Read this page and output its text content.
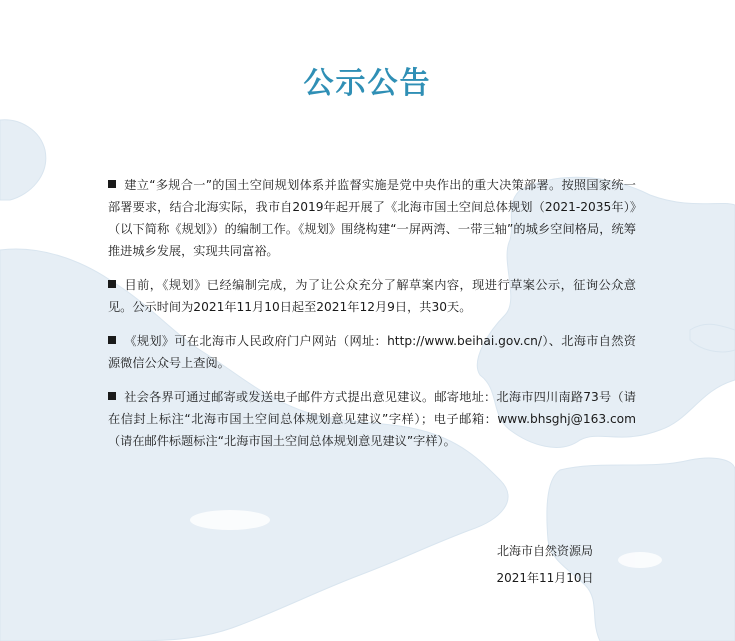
公示公告

建立“多规合一”的国土空间规划体系并监督实施是党中央作出的重大决策部署。按照国家统一部署要求，结合北海实际，我市自2019年起开展了《北海市国土空间总体规划（2021-2035年）》（以下简称《规划》）的编制工作。《规划》围绕构建“一屏两湾、一带三轴”的城乡空间格局，统筹推进城乡发展，实现共同富裕。

目前，《规划》已经编制完成，为了让公众充分了解草案内容，现进行草案公示，征询公众意见。公示时间为2021年11月10日起至2021年12月9日，共30天。

《规划》可在北海市人民政府门户网站（网址：http://www.beihai.gov.cn/）、北海市自然资源微信公众号上查阅。

社会各界可通过邮寄或发送电子邮件方式提出意见建议。邮寄地址：北海市四川南路73号（请在信封上标注“北海市国土空间总体规划意见建议”字样）；电子邮箱：www.bhsghj@163.com（请在邮件标题标注“北海市国土空间总体规划意见建议”字样）。

北海市自然资源局
2021年11月10日
